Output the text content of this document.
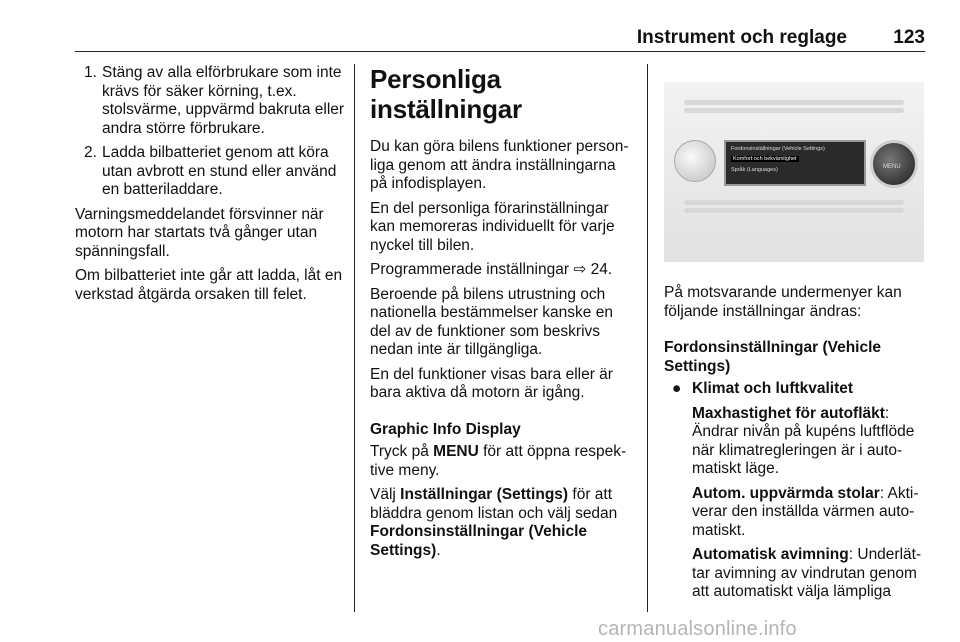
Instrument och reglage 123
1. Stäng av alla elförbrukare som inte krävs för säker körning, t.ex. stolsvärme, uppvärmd bakruta eller andra större förbrukare.
2. Ladda bilbatteriet genom att köra utan avbrott en stund eller använd en batteriladdare.

Varningsmeddelandet försvinner när motorn har startats två gånger utan spänningsfall.

Om bilbatteriet inte går att ladda, låt en verkstad åtgärda orsaken till felet.

Personliga inställningar

Du kan göra bilens funktioner person-liga genom att ändra inställningarna på infodisplayen.

En del personliga förarinställningar kan memoreras individuellt för varje nyckel till bilen.

Programmerade inställningar ⇨ 24.

Beroende på bilens utrustning och nationella bestämmelser kanske en del av de funktioner som beskrivs nedan inte är tillgängliga.

En del funktioner visas bara eller är bara aktiva då motorn är igång.

Graphic Info Display

Tryck på MENU för att öppna respek-tive meny.

Välj Inställningar (Settings) för att bläddra genom listan och välj sedan Fordonsinställningar (Vehicle Settings).

MENU
Fordonsinställningar (Vehicle Settings)
Komfort och bekvämlighet
Språk (Languages)

På motsvarande undermenyer kan följande inställningar ändras:

Fordonsinställningar (Vehicle Settings)
● Klimat och luftkvalitet
Maxhastighet för autofläkt:
Ändrar nivån på kupéns luftflöde när klimatregleringen är i auto-matiskt läge.
Autom. uppvärmda stolar: Akti-verar den inställda värmen auto-matiskt.
Automatisk avimning: Underlät-tar avimning av vindrutan genom att automatiskt välja lämpliga
carmanualsonline.info
